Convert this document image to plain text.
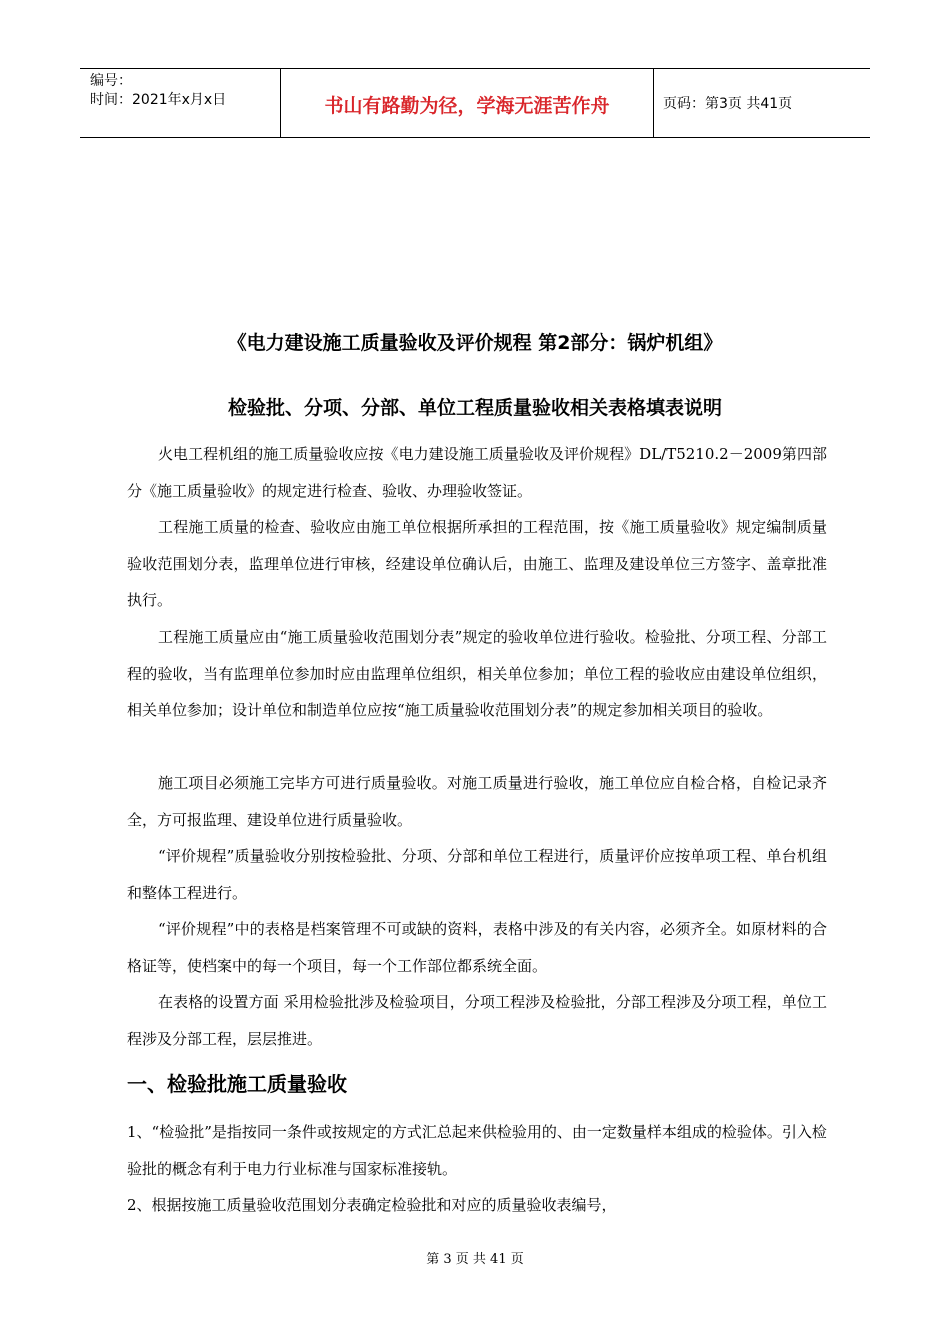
编号：
时间：2021年x月x日	书山有路勤为径，学海无涯苦作舟	页码：第3页 共41页
《电力建设施工质量验收及评价规程 第2部分：锅炉机组》
检验批、分项、分部、单位工程质量验收相关表格填表说明
火电工程机组的施工质量验收应按《电力建设施工质量验收及评价规程》DL/T5210.2－2009第四部分《施工质量验收》的规定进行检查、验收、办理验收签证。
工程施工质量的检查、验收应由施工单位根据所承担的工程范围，按《施工质量验收》规定编制质量验收范围划分表，监理单位进行审核，经建设单位确认后，由施工、监理及建设单位三方签字、盖章批准执行。
工程施工质量应由“施工质量验收范围划分表”规定的验收单位进行验收。检验批、分项工程、分部工程的验收，当有监理单位参加时应由监理单位组织，相关单位参加；单位工程的验收应由建设单位组织，相关单位参加；设计单位和制造单位应按“施工质量验收范围划分表”的规定参加相关项目的验收。
施工项目必须施工完毕方可进行质量验收。对施工质量进行验收，施工单位应自检合格，自检记录齐全，方可报监理、建设单位进行质量验收。
“评价规程”质量验收分别按检验批、分项、分部和单位工程进行，质量评价应按单项工程、单台机组和整体工程进行。
“评价规程”中的表格是档案管理不可或缺的资料，表格中涉及的有关内容，必须齐全。如原材料的合格证等，使档案中的每一个项目，每一个工作部位都系统全面。
在表格的设置方面 采用检验批涉及检验项目，分项工程涉及检验批，分部工程涉及分项工程，单位工程涉及分部工程，层层推进。
一、检验批施工质量验收
1、“检验批”是指按同一条件或按规定的方式汇总起来供检验用的、由一定数量样本组成的检验体。引入检验批的概念有利于电力行业标准与国家标准接轨。
2、根据按施工质量验收范围划分表确定检验批和对应的质量验收表编号，
第 3 页 共 41 页
